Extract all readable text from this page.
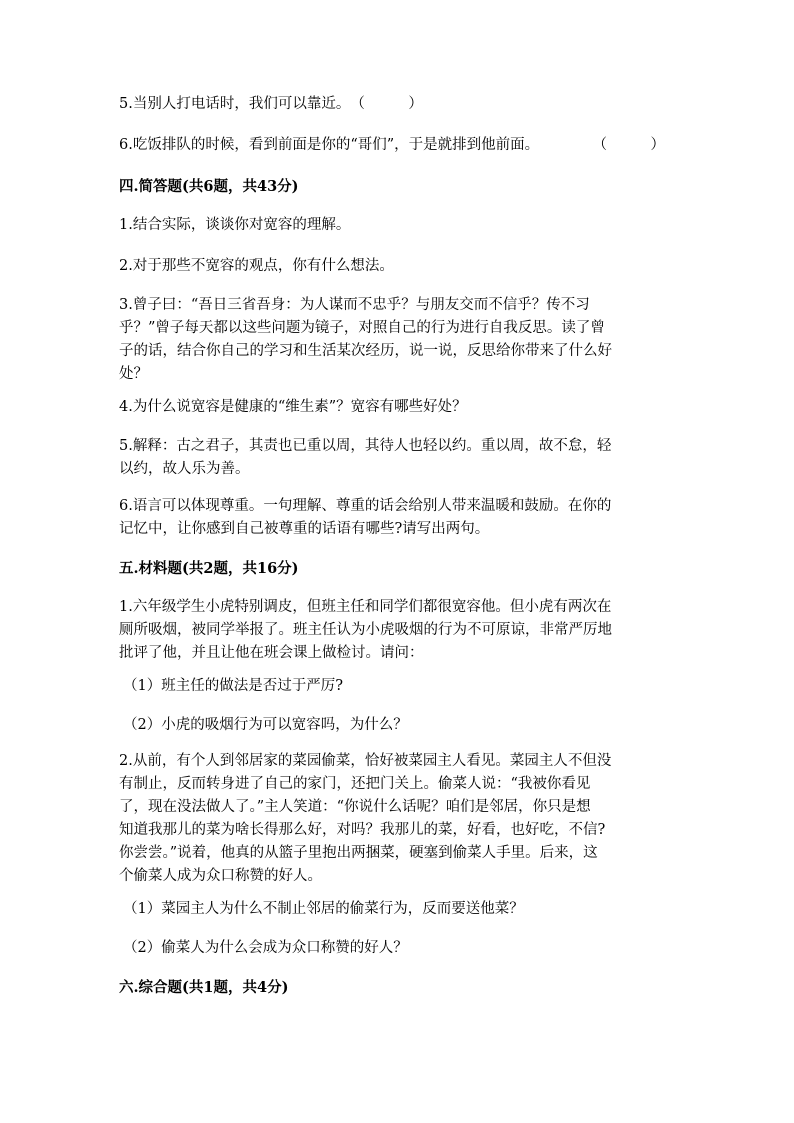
5.当别人打电话时，我们可以靠近。 （　　　）
6.吃饭排队的时候，看到前面是你的“哥们”，于是就排到他前面。	（　　　）
四.简答题(共6题，共43分)
1.结合实际，谈谈你对宽容的理解。
2.对于那些不宽容的观点，你有什么想法。
3.曾子曰：“吾日三省吾身：为人谋而不忠乎？与朋友交而不信乎？传不习
乎？”曾子每天都以这些问题为镜子，对照自己的行为进行自我反思。读了曾
子的话，结合你自己的学习和生活某次经历，说一说，反思给你带来了什么好
处？
4.为什么说宽容是健康的“维生素”？宽容有哪些好处？
5.解释：古之君子，其责也已重以周，其待人也轻以约。重以周，故不怠，轻
以约，故人乐为善。
6.语言可以体现尊重。一句理解、尊重的话会给别人带来温暖和鼓励。在你的
记忆中，让你感到自己被尊重的话语有哪些?请写出两句。
五.材料题(共2题，共16分)
1.六年级学生小虎特别调皮，但班主任和同学们都很宽容他。但小虎有两次在
厕所吸烟，被同学举报了。班主任认为小虎吸烟的行为不可原谅，非常严厉地
批评了他，并且让他在班会课上做检讨。请问：
（1）班主任的做法是否过于严厉?
（2）小虎的吸烟行为可以宽容吗，为什么？
2.从前，有个人到邻居家的菜园偷菜，恰好被菜园主人看见。菜园主人不但没
有制止，反而转身进了自己的家门，还把门关上。偷菜人说：“我被你看见
了，现在没法做人了。”主人笑道：“你说什么话呢？咱们是邻居，你只是想
知道我那儿的菜为啥长得那么好，对吗？我那儿的菜，好看，也好吃，不信?
你尝尝。”说着，他真的从篮子里抱出两捆菜，硬塞到偷菜人手里。后来，这
个偷菜人成为众口称赞的好人。
（1）菜园主人为什么不制止邻居的偷菜行为，反而要送他菜？
（2）偷菜人为什么会成为众口称赞的好人？
六.综合题(共1题，共4分)
